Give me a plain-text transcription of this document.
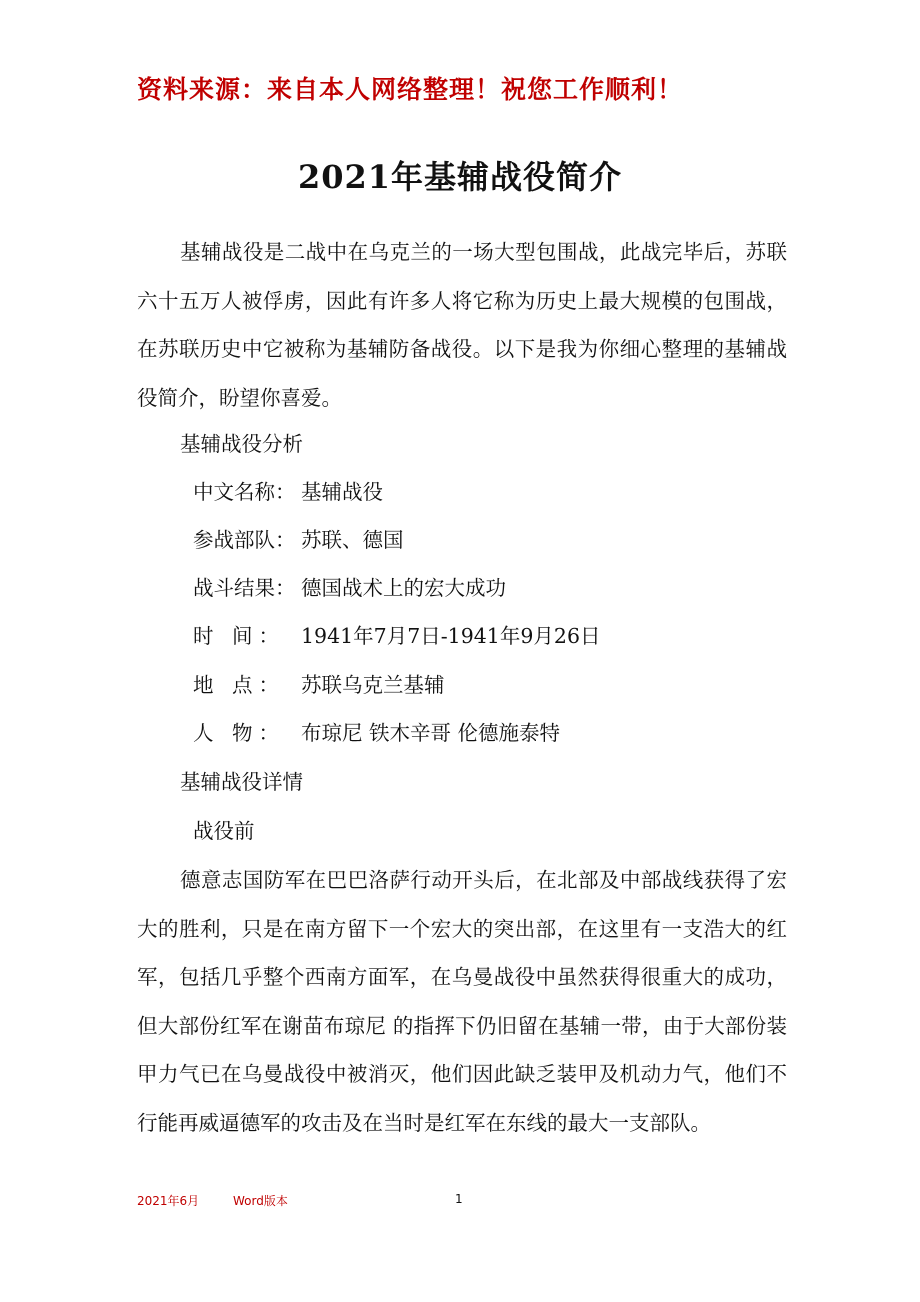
资料来源：来自本人网络整理！祝您工作顺利！
2021年基辅战役简介

基辅战役是二战中在乌克兰的一场大型包围战，此战完毕后，苏联六十五万人被俘虏，因此有许多人将它称为历史上最大规模的包围战，在苏联历史中它被称为基辅防备战役。以下是我为你细心整理的基辅战役简介，盼望你喜爱。

基辅战役分析
中文名称： 基辅战役
参战部队： 苏联、德国
战斗结果： 德国战术上的宏大成功
时 间： 1941年7月7日-1941年9月26日
地 点： 苏联乌克兰基辅
人 物： 布琼尼 铁木辛哥 伦德施泰特
基辅战役详情
战役前

德意志国防军在巴巴洛萨行动开头后，在北部及中部战线获得了宏大的胜利，只是在南方留下一个宏大的突出部，在这里有一支浩大的红军，包括几乎整个西南方面军，在乌曼战役中虽然获得很重大的成功，但大部份红军在谢苗布琼尼 的指挥下仍旧留在基辅一带，由于大部份装甲力气已在乌曼战役中被消灭，他们因此缺乏装甲及机动力气，他们不行能再威逼德军的攻击及在当时是红军在东线的最大一支部队。

2021年6月	Word版本	1
